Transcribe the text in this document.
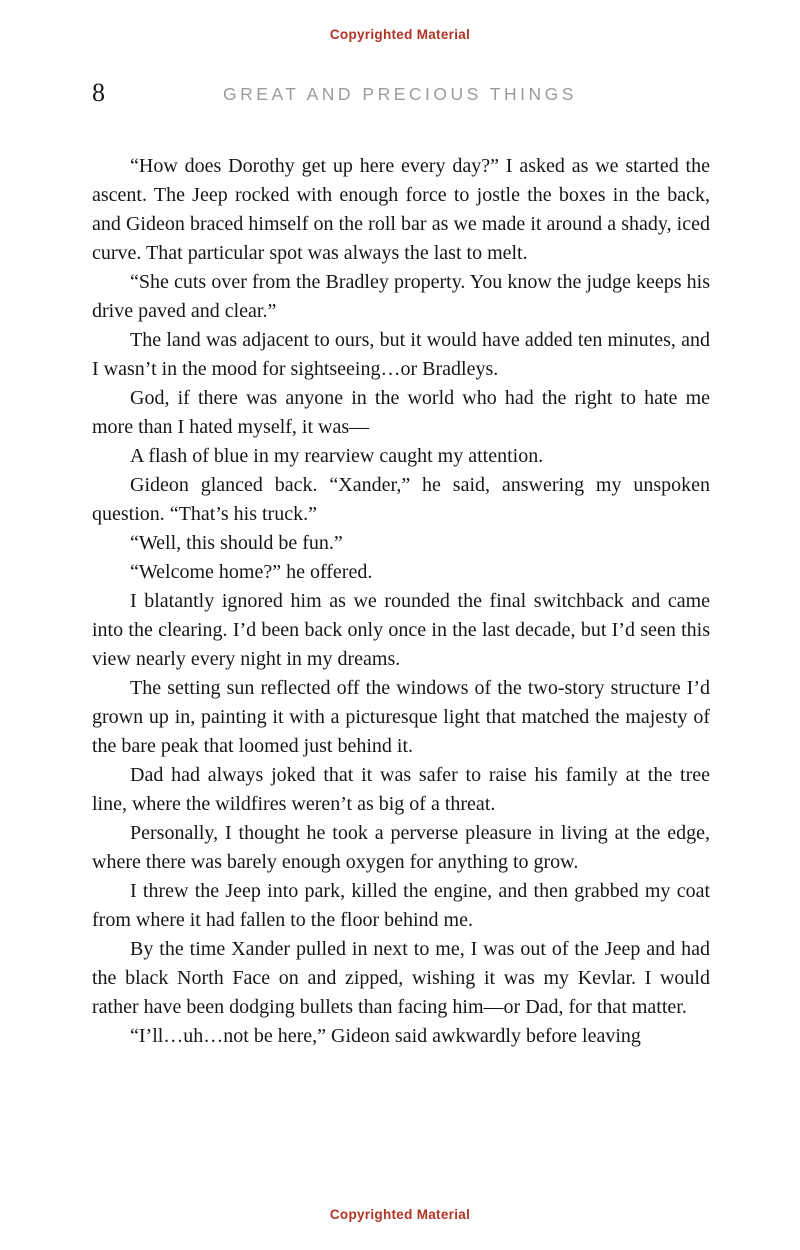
Copyrighted Material
8	GREAT AND PRECIOUS THINGS

“How does Dorothy get up here every day?” I asked as we started the ascent. The Jeep rocked with enough force to jostle the boxes in the back, and Gideon braced himself on the roll bar as we made it around a shady, iced curve. That particular spot was always the last to melt.

“She cuts over from the Bradley property. You know the judge keeps his drive paved and clear.”

The land was adjacent to ours, but it would have added ten minutes, and I wasn’t in the mood for sightseeing…or Bradleys.

God, if there was anyone in the world who had the right to hate me more than I hated myself, it was—

A flash of blue in my rearview caught my attention.

Gideon glanced back. “Xander,” he said, answering my unspoken question. “That’s his truck.”

“Well, this should be fun.”

“Welcome home?” he offered.

I blatantly ignored him as we rounded the final switchback and came into the clearing. I’d been back only once in the last decade, but I’d seen this view nearly every night in my dreams.

The setting sun reflected off the windows of the two-story structure I’d grown up in, painting it with a picturesque light that matched the majesty of the bare peak that loomed just behind it.

Dad had always joked that it was safer to raise his family at the tree line, where the wildfires weren’t as big of a threat.

Personally, I thought he took a perverse pleasure in living at the edge, where there was barely enough oxygen for anything to grow.

I threw the Jeep into park, killed the engine, and then grabbed my coat from where it had fallen to the floor behind me.

By the time Xander pulled in next to me, I was out of the Jeep and had the black North Face on and zipped, wishing it was my Kevlar. I would rather have been dodging bullets than facing him—or Dad, for that matter.

“I’ll…uh…not be here,” Gideon said awkwardly before leaving

Copyrighted Material
